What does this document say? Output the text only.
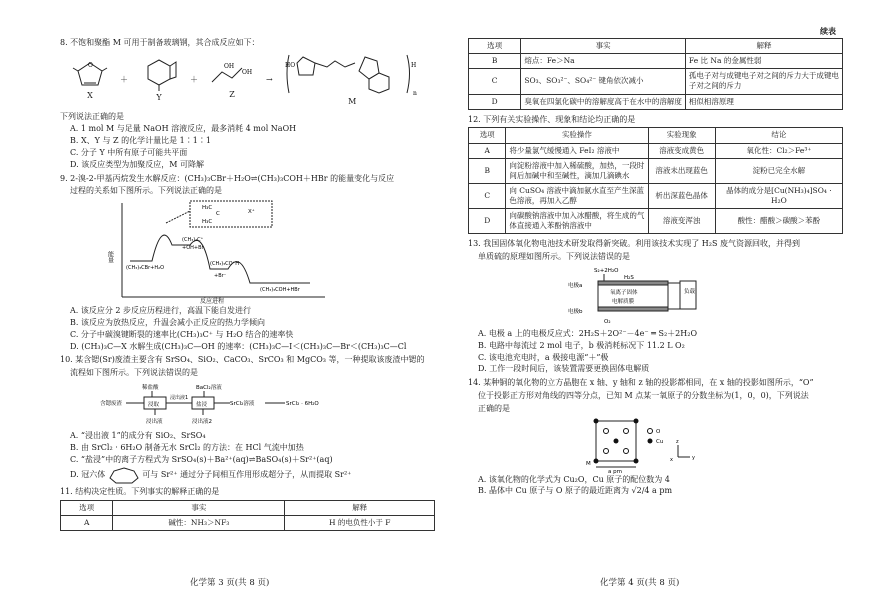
8. 不饱和聚酯 M 可用于制备玻璃钢，其合成反应如下：

O
X
＋
Y
＋
OH
OH
Z
→
HO	H
n
M

下列说法正确的是

A. 1 mol M 与足量 NaOH 溶液反应，最多消耗 4 mol NaOH

B. X、Y 与 Z 的化学计量比是 1∶1∶1

C. 分子 Y 中所有原子可能共平面

D. 该反应类型为加聚反应，M 可降解

9. 2-溴-2-甲基丙烷发生水解反应：(CH₃)₃CBr＋H₂O⇌(CH₃)₃COH＋HBr 的能量变化与反应

过程的关系如下图所示。下列说法正确的是

能量
反应进程
H₃C
C
H₃C
X⁺
(CH₃)₃C⁺
+OH+Br
(CH₃)₃CBr+H₂O
(CH₃)₃CO⁺H
+Br⁻
(CH₃)₃COH+HBr

A. 该反应分 2 步反应历程进行，高温下能自发进行

B. 该反应为放热反应，升温会减小正反应的热力学倾向

C. 分子中碳溴键断裂的速率比(CH₃)₃C⁺ 与 H₂O 结合的速率快

D. (CH₃)₃C—X 水解生成(CH₃)₃C—OH 的速率：(CH₃)₃C—I＜(CH₃)₃C—Br＜(CH₃)₃C—Cl

10. 某含锶(Sr)废渣主要含有 SrSO₄、SiO₂、CaCO₃、SrCO₃ 和 MgCO₃ 等，一种提取该废渣中锶的

流程如下图所示。下列说法错误的是

含锶废渣
稀盐酸
浸取
浸出液1
浸出液
BaCl₂溶液
盐浸
浸出液2
SrCl₂溶液	SrCl₂ · 6H₂O

A. “浸出液 1”的成分有 SiO₂、SrSO₄

B. 由 SrCl₂ · 6H₂O 制备无水 SrCl₂ 的方法：在 HCl 气流中加热

C. “盐浸”中的离子方程式为 SrSO₄(s)＋Ba²⁺(aq)⇌BaSO₄(s)＋Sr²⁺(aq)

D. 冠六体	可与 Sr²⁺ 通过分子间相互作用形成超分子，从而提取 Sr²⁺

11. 结构决定性质。下列事实的解释正确的是

选项	事实	解释
A	碱性：NH₃＞NF₃	H 的电负性小于 F
化学第 3 页(共 8 页)
续表
选项	事实	解释
B	熔点：Fe＞Na	Fe 比 Na 的金属性弱
C	SO₃、SO₃²⁻、SO₄²⁻ 键角依次减小	孤电子对与成键电子对之间的斥力大于成键电子对之间的斥力
D	臭氧在四氯化碳中的溶解度高于在水中的溶解度	相似相溶原理

12. 下列有关实验操作、现象和结论均正确的是

选项	实验操作	实验现象	结论
A	将少量氯气缓慢通入 FeI₂ 溶液中	溶液变成黄色	氧化性：Cl₂＞Fe³⁺
B	向淀粉溶液中加入稀硫酸，加热，一段时间后加碱中和至碱性，滴加几滴碘水	溶液未出现蓝色	淀粉已完全水解
C	向 CuSO₄ 溶液中滴加氨水直至产生深蓝色溶液，再加入乙醇	析出深蓝色晶体	晶体的成分是[Cu(NH₃)₄]SO₄ · H₂O
D	向碳酸钠溶液中加入冰醋酸，将生成的气体直接通入苯酚钠溶液中	溶液变浑浊	酸性：醋酸＞碳酸＞苯酚

13. 我国固体氧化物电池技术研发取得新突破。利用该技术实现了 H₂S 废气资源回收，并得到

单质硫的原理如图所示。下列说法错误的是

S₂+2H₂O
H₂S
电极a
氧离子固体
电解质膜
电极b
O₂
负载

A. 电极 a 上的电极反应式：2H₂S＋2O²⁻－4e⁻ ═ S₂＋2H₂O

B. 电路中每流过 2 mol 电子，b 极消耗标况下 11.2 L O₂

C. 该电池充电时，a 极接电源“＋”极

D. 工作一段时间后，该装置需要更换固体电解质

14. 某种铜的氧化物的立方晶胞在 x 轴、y 轴和 z 轴的投影都相同，在 x 轴的投影如图所示，“O”

位于投影正方形对角线的四等分点，已知 M 点某一氧原子的分数坐标为(1，0，0)，下列说法

正确的是

M
a pm
O
Cu	z
y
x

A. 该氧化物的化学式为 Cu₂O，Cu 原子的配位数为 4

B. 晶体中 Cu 原子与 O 原子的最近距离为 √2/4 a pm

化学第 4 页(共 8 页)
